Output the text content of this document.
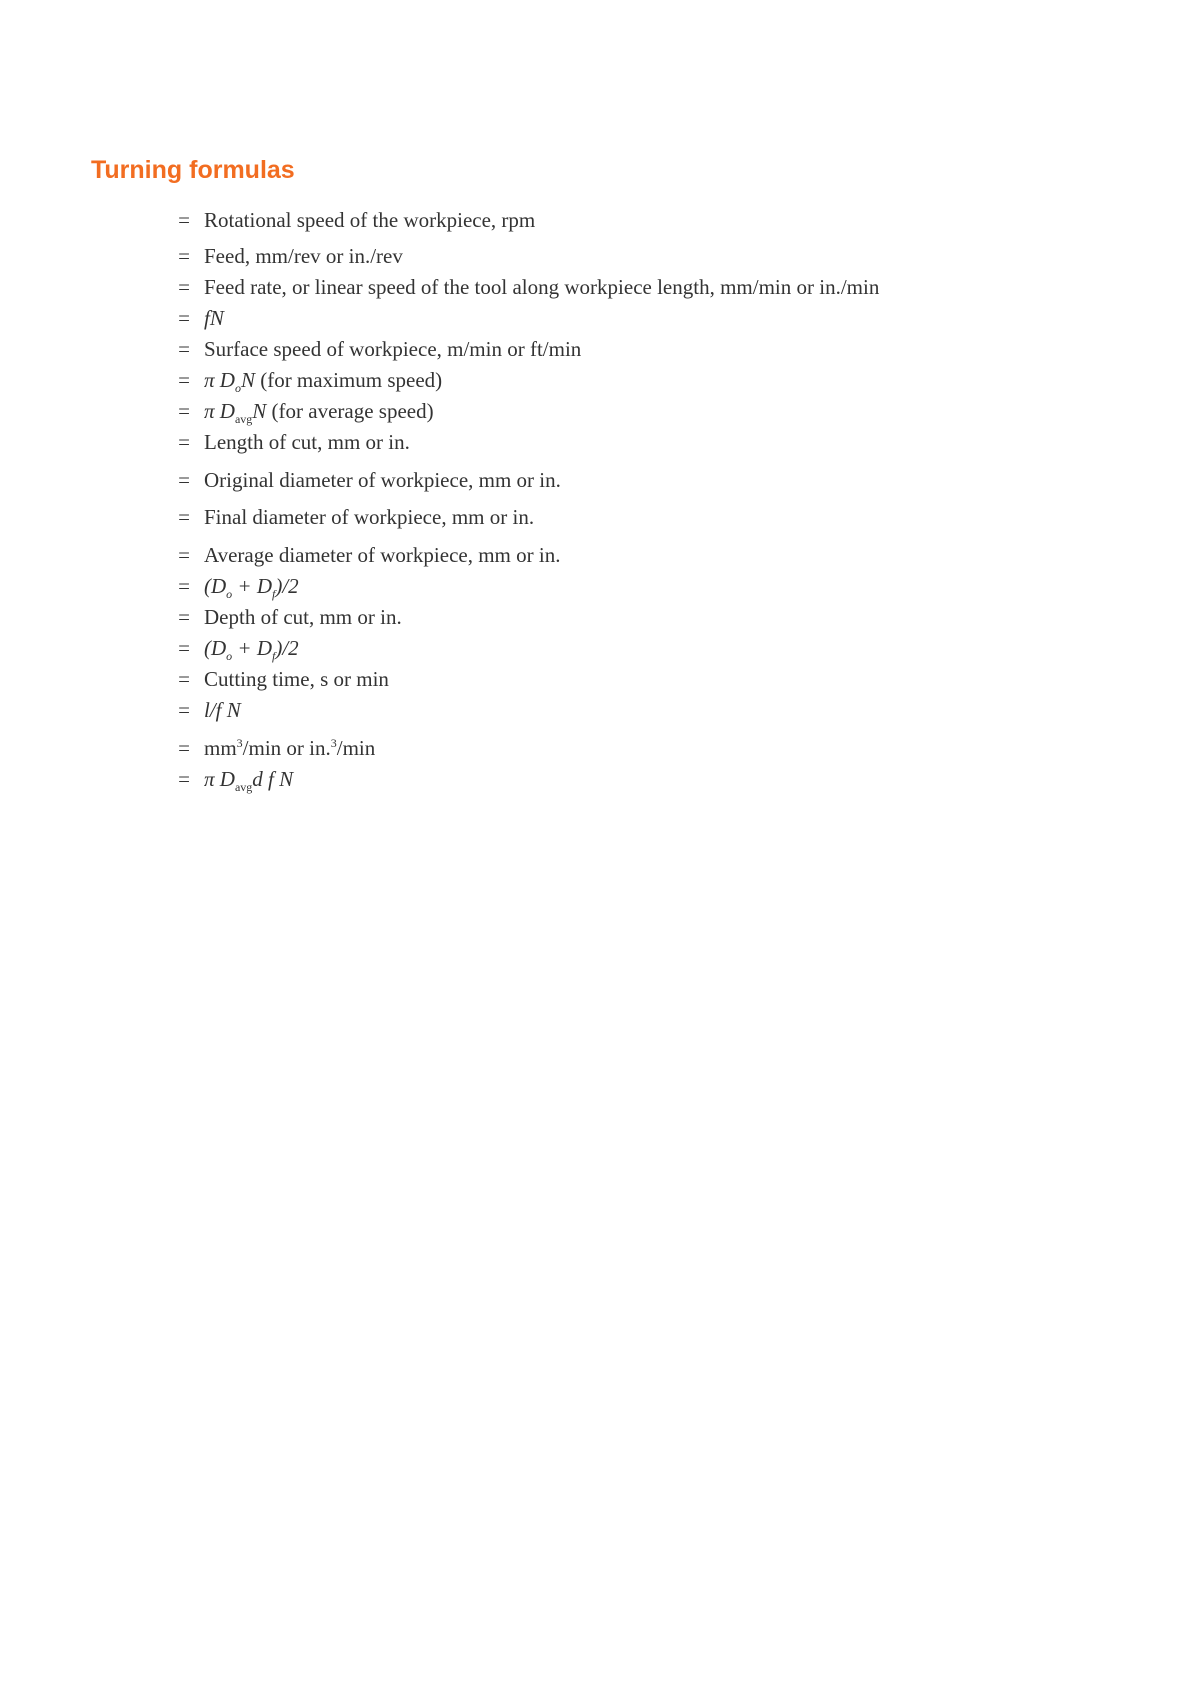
Turning formulas
= Rotational speed of the workpiece, rpm
= Feed, mm/rev or in./rev
= Feed rate, or linear speed of the tool along workpiece length, mm/min or in./min
= fN
= Surface speed of workpiece, m/min or ft/min
= π $D_oN$ (for maximum speed)
= π $D_{avg}N$ (for average speed)
= Length of cut, mm or in.
= Original diameter of workpiece, mm or in.
= Final diameter of workpiece, mm or in.
= Average diameter of workpiece, mm or in.
= $(D_o + D_f)/2$
= Depth of cut, mm or in.
= $(D_o + D_f)/2$
= Cutting time, s or min
= l/f N
= $mm^3/\min$ or in.$^3$/min
= π $D_{avg}d$ f N
